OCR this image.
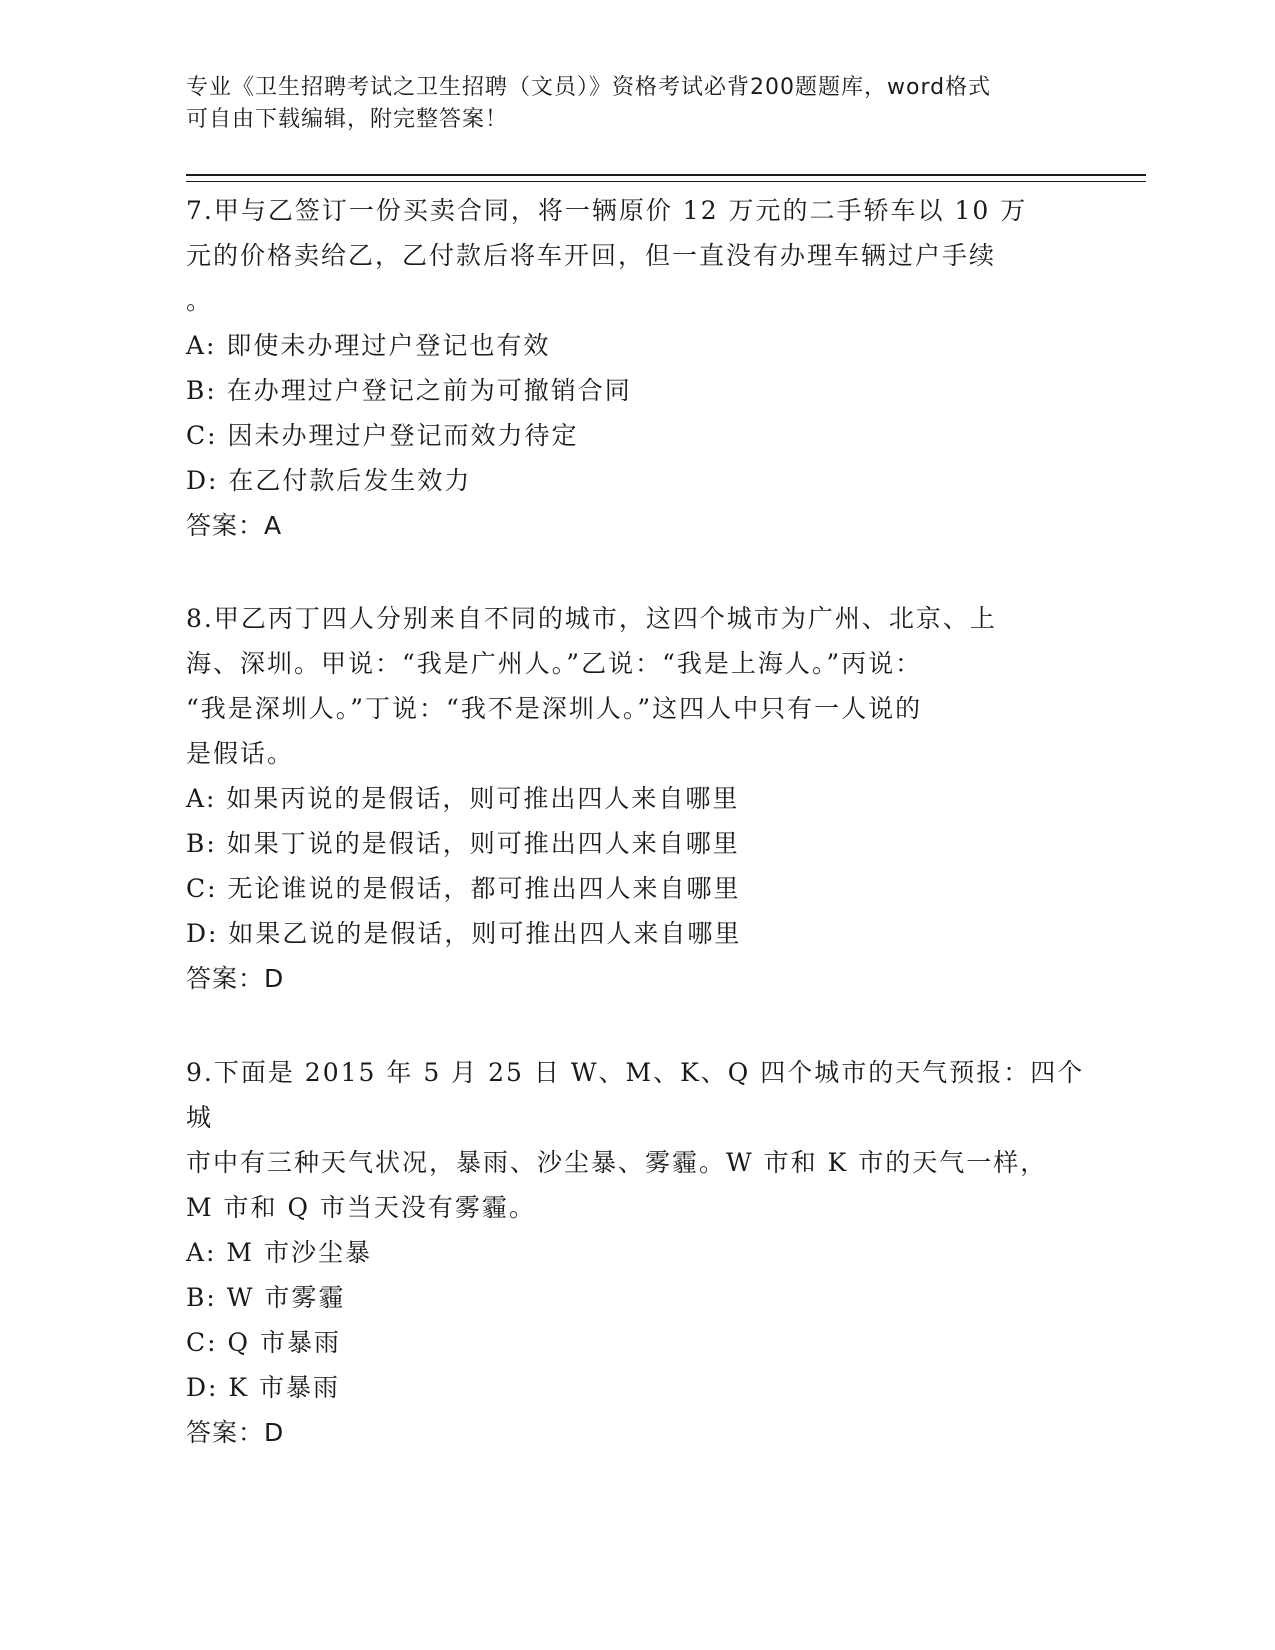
专业《卫生招聘考试之卫生招聘（文员）》资格考试必背200题题库，word格式
可自由下载编辑，附完整答案！

7.甲与乙签订一份买卖合同，将一辆原价 12 万元的二手轿车以 10 万

元的价格卖给乙，乙付款后将车开回，但一直没有办理车辆过户手续

。

A: 即使未办理过户登记也有效

B: 在办理过户登记之前为可撤销合同

C: 因未办理过户登记而效力待定

D: 在乙付款后发生效力

答案：A

8.甲乙丙丁四人分别来自不同的城市，这四个城市为广州、北京、上

海、深圳。甲说：“我是广州人。”乙说：“我是上海人。”丙说：

“我是深圳人。”丁说：“我不是深圳人。”这四人中只有一人说的

是假话。

A: 如果丙说的是假话，则可推出四人来自哪里

B: 如果丁说的是假话，则可推出四人来自哪里

C: 无论谁说的是假话，都可推出四人来自哪里

D: 如果乙说的是假话，则可推出四人来自哪里

答案：D

9.下面是 2015 年 5 月 25 日 W、M、K、Q 四个城市的天气预报：四个城

市中有三种天气状况，暴雨、沙尘暴、雾霾。W 市和 K 市的天气一样，

M 市和 Q 市当天没有雾霾。

A: M 市沙尘暴

B: W 市雾霾

C: Q 市暴雨

D: K 市暴雨

答案：D
